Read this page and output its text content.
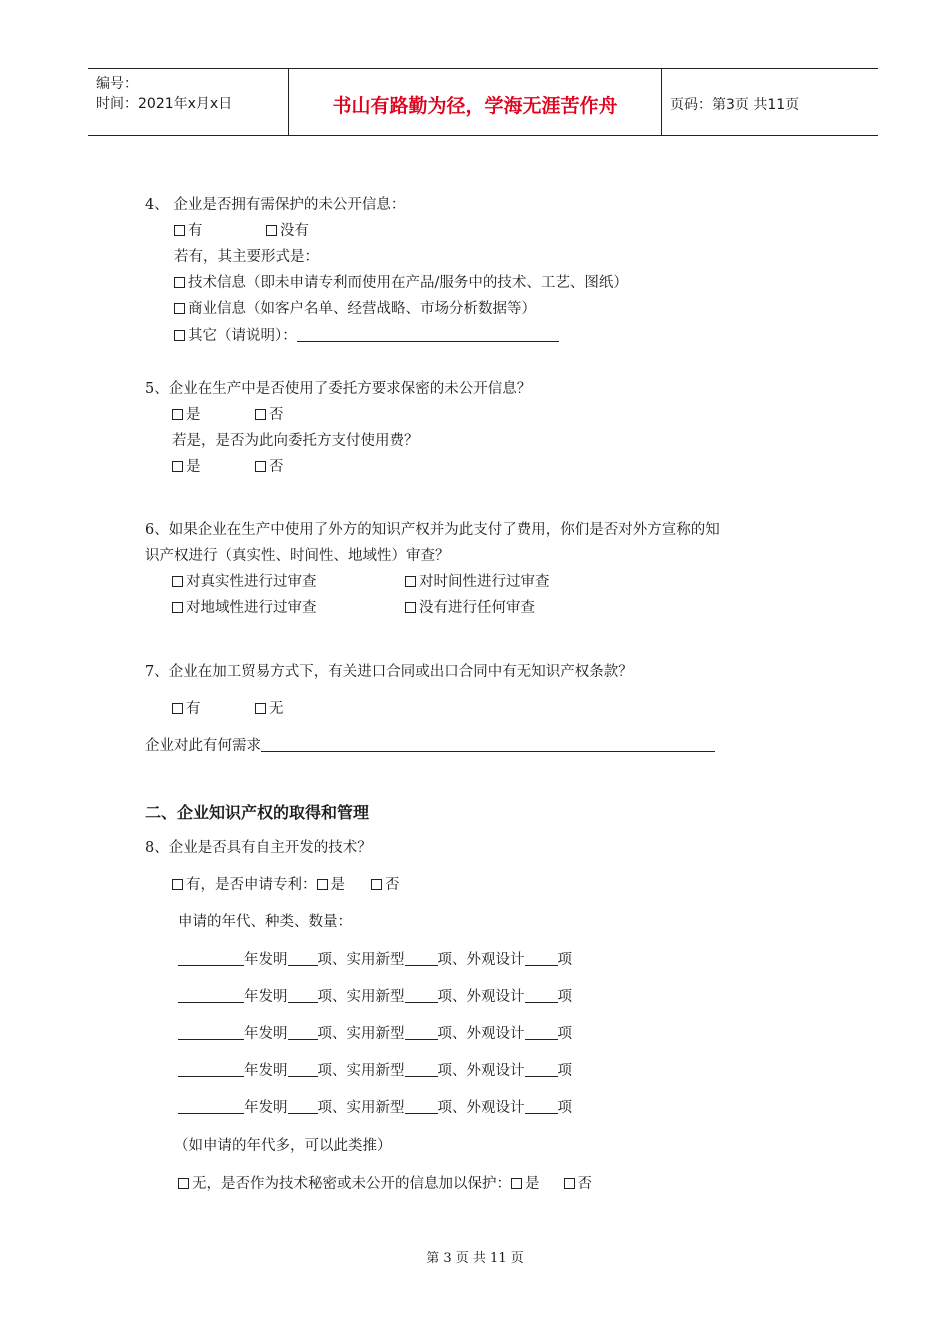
编号：
时间：2021年x月x日	书山有路勤为径，学海无涯苦作舟	页码：第3页 共11页
4、 企业是否拥有需保护的未公开信息：
有	没有
若有，其主要形式是：
技术信息（即未申请专利而使用在产品/服务中的技术、工艺、图纸）
商业信息（如客户名单、经营战略、市场分析数据等）
其它（请说明）：
5、企业在生产中是否使用了委托方要求保密的未公开信息？
是	否
若是，是否为此向委托方支付使用费？
是	否
6、如果企业在生产中使用了外方的知识产权并为此支付了费用，你们是否对外方宣称的知
识产权进行（真实性、时间性、地域性）审查？
对真实性进行过审查	对时间性进行过审查
对地域性进行过审查	没有进行任何审查
7、企业在加工贸易方式下，有关进口合同或出口合同中有无知识产权条款？
有	无
企业对此有何需求
二、企业知识产权的取得和管理
8、企业是否具有自主开发的技术？
有，是否申请专利： 是	否
申请的年代、种类、数量：
年发明 项、实用新型 项、外观设计 项
年发明 项、实用新型 项、外观设计 项
年发明 项、实用新型 项、外观设计 项
年发明 项、实用新型 项、外观设计 项
年发明 项、实用新型 项、外观设计 项
（如申请的年代多，可以此类推）
无，是否作为技术秘密或未公开的信息加以保护： 是	否
第 3 页 共 11 页
